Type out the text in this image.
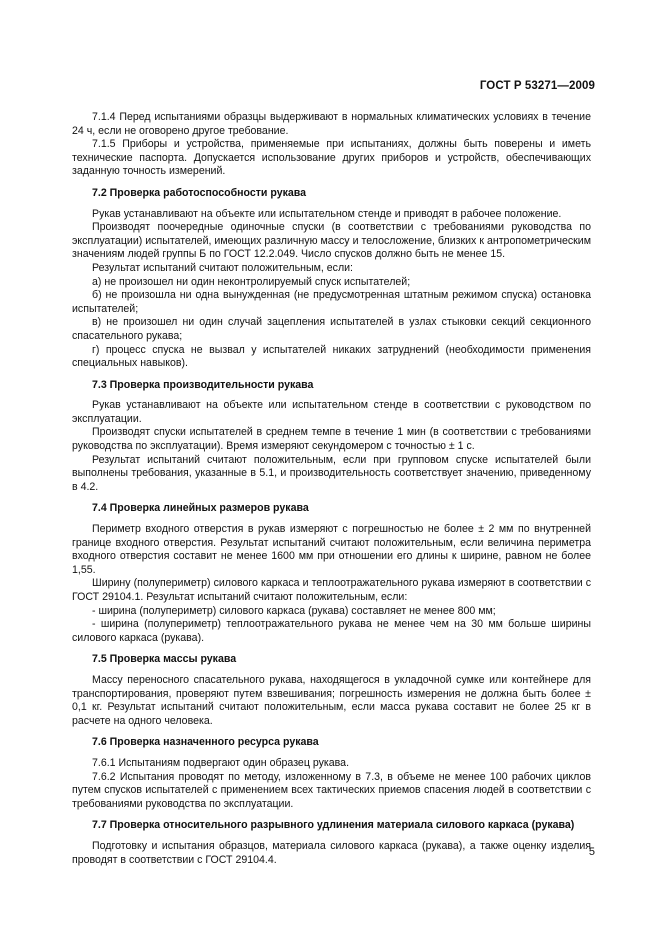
ГОСТ Р 53271—2009

7.1.4 Перед испытаниями образцы выдерживают в нормальных климатических условиях в течение 24 ч, если не оговорено другое требование.

7.1.5 Приборы и устройства, применяемые при испытаниях, должны быть поверены и иметь технические паспорта. Допускается использование других приборов и устройств, обеспечивающих заданную точность измерений.

7.2 Проверка работоспособности рукава

Рукав устанавливают на объекте или испытательном стенде и приводят в рабочее положение.

Производят поочередные одиночные спуски (в соответствии с требованиями руководства по эксплуатации) испытателей, имеющих различную массу и телосложение, близких к антропометрическим значениям людей группы Б по ГОСТ 12.2.049. Число спусков должно быть не менее 15.

Результат испытаний считают положительным, если:

а) не произошел ни один неконтролируемый спуск испытателей;

б) не произошла ни одна вынужденная (не предусмотренная штатным режимом спуска) остановка испытателей;

в) не произошел ни один случай зацепления испытателей в узлах стыковки секций секционного спасательного рукава;

г) процесс спуска не вызвал у испытателей никаких затруднений (необходимости применения специальных навыков).

7.3 Проверка производительности рукава

Рукав устанавливают на объекте или испытательном стенде в соответствии с руководством по эксплуатации.

Производят спуски испытателей в среднем темпе в течение 1 мин (в соответствии с требованиями руководства по эксплуатации). Время измеряют секундомером с точностью ± 1 с.

Результат испытаний считают положительным, если при групповом спуске испытателей были выполнены требования, указанные в 5.1, и производительность соответствует значению, приведенному в 4.2.

7.4 Проверка линейных размеров рукава

Периметр входного отверстия в рукав измеряют с погрешностью не более ± 2 мм по внутренней границе входного отверстия. Результат испытаний считают положительным, если величина периметра входного отверстия составит не менее 1600 мм при отношении его длины к ширине, равном не более 1,55.

Ширину (полупериметр) силового каркаса и теплоотражательного рукава измеряют в соответствии с ГОСТ 29104.1. Результат испытаний считают положительным, если:

- ширина (полупериметр) силового каркаса (рукава) составляет не менее 800 мм;

- ширина (полупериметр) теплоотражательного рукава не менее чем на 30 мм больше ширины силового каркаса (рукава).

7.5 Проверка массы рукава

Массу переносного спасательного рукава, находящегося в укладочной сумке или контейнере для транспортирования, проверяют путем взвешивания; погрешность измерения не должна быть более ± 0,1 кг. Результат испытаний считают положительным, если масса рукава составит не более 25 кг в расчете на одного человека.

7.6 Проверка назначенного ресурса рукава

7.6.1 Испытаниям подвергают один образец рукава.

7.6.2 Испытания проводят по методу, изложенному в 7.3, в объеме не менее 100 рабочих циклов путем спусков испытателей с применением всех тактических приемов спасения людей в соответствии с требованиями руководства по эксплуатации.

7.7 Проверка относительного разрывного удлинения материала силового каркаса (рукава)

Подготовку и испытания образцов, материала силового каркаса (рукава), а также оценку изделия проводят в соответствии с ГОСТ 29104.4.

5
